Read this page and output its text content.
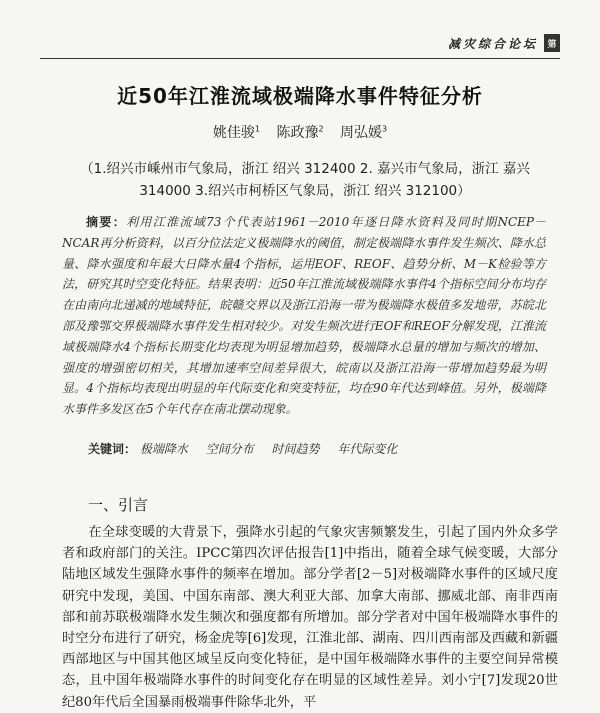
减灾综合论坛	第
近50年江淮流域极端降水事件特征分析
姚佳骏$^1$ 陈政豫$^2$ 周弘媛$^3$
（1.绍兴市嵊州市气象局，浙江 绍兴 312400 2. 嘉兴市气象局，浙江 嘉兴 314000 3.绍兴市柯桥区气象局，浙江 绍兴 312100）
摘要：利用江淮流域73个代表站1961－2010年逐日降水资料及同时期NCEP－NCAR再分析资料，以百分位法定义极端降水的阈值，制定极端降水事件发生频次、降水总量、降水强度和年最大日降水量4个指标，运用EOF、REOF、趋势分析、M－K检验等方法，研究其时空变化特征。结果表明：近50年江淮流域极端降水事件4个指标空间分布均存在由南向北递减的地域特征，皖赣交界以及浙江沿海一带为极端降水极值多发地带，苏皖北部及豫鄂交界极端降水事件发生相对较少。对发生频次进行EOF和REOF分解发现，江淮流域极端降水4个指标长期变化均表现为明显增加趋势，极端降水总量的增加与频次的增加、强度的增强密切相关，其增加速率空间差异很大，皖南以及浙江沿海一带增加趋势最为明显。4个指标均表现出明显的年代际变化和突变特征，均在90年代达到峰值。另外，极端降水事件多发区在5个年代存在南北摆动现象。
关键词： 极端降水 空间分布 时间趋势 年代际变化
一、引言
在全球变暖的大背景下，强降水引起的气象灾害频繁发生，引起了国内外众多学者和政府部门的关注。IPCC第四次评估报告[1]中指出，随着全球气候变暖，大部分陆地区域发生强降水事件的频率在增加。部分学者[2－5]对极端降水事件的区域尺度研究中发现，美国、中国东南部、澳大利亚大部、加拿大南部、挪威北部、南非西南部和前苏联极端降水发生频次和强度都有所增加。部分学者对中国年极端降水事件的时空分布进行了研究，杨金虎等[6]发现，江淮北部、湖南、四川西南部及西藏和新疆西部地区与中国其他区域呈反向变化特征，是中国年极端降水事件的主要空间异常模态，且中国年极端降水事件的时间变化存在明显的区域性差异。刘小宁[7]发现20世纪80年代后全国暴雨极端事件除华北外，平
